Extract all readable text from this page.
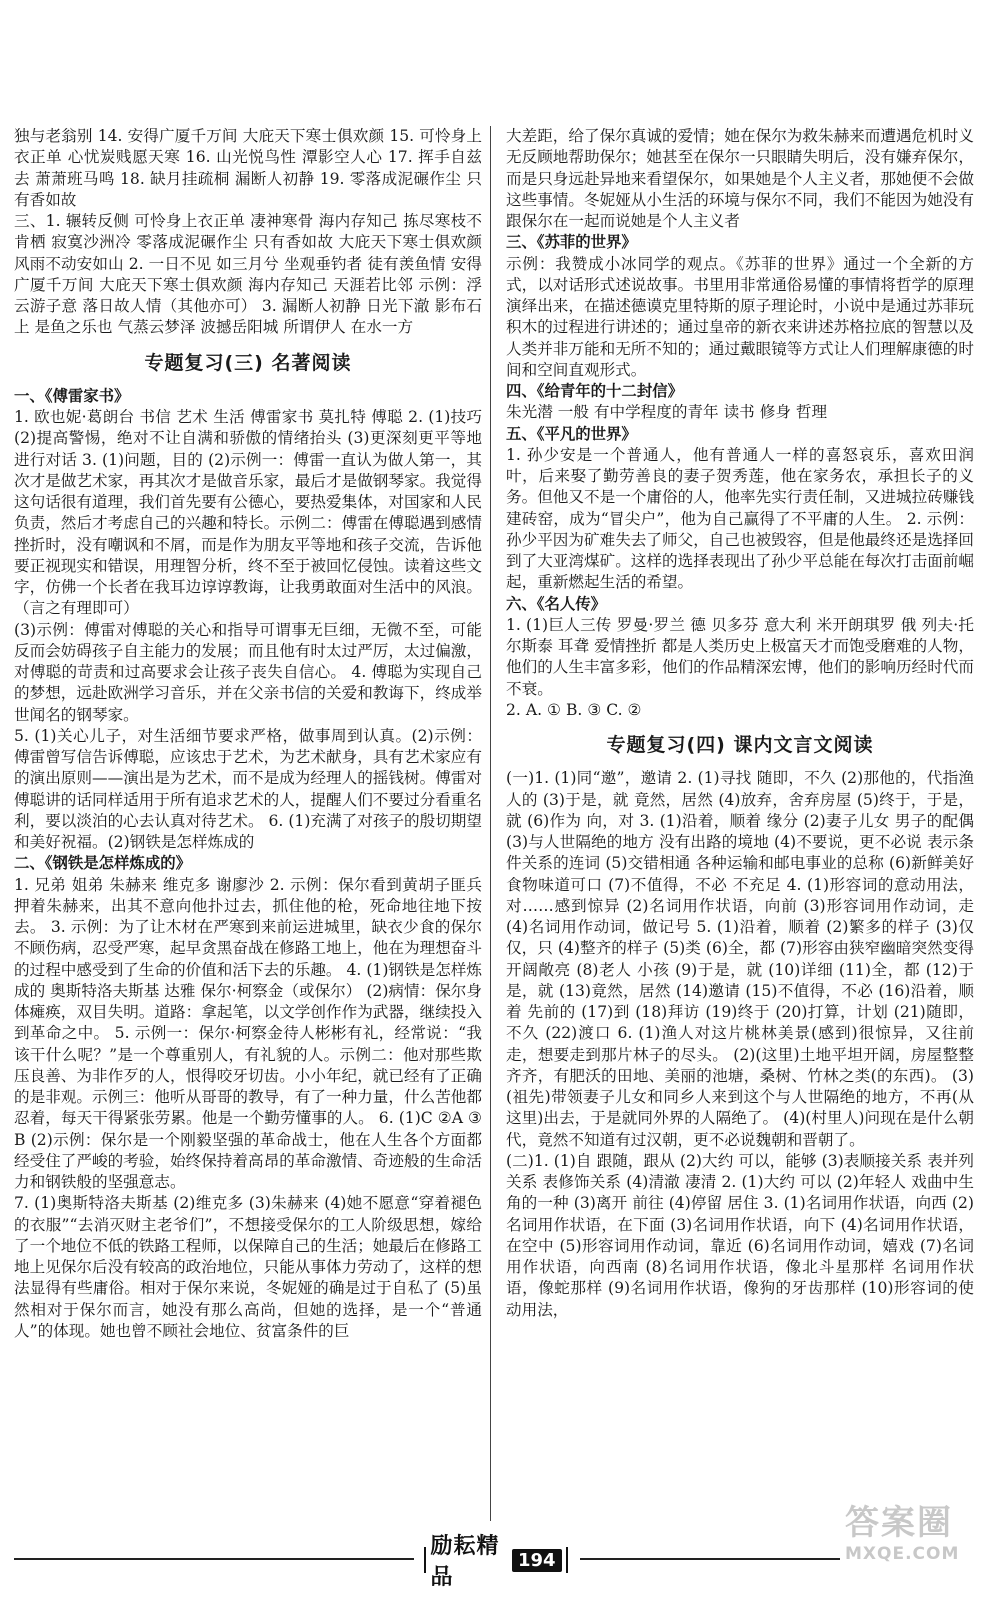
独与老翁别 14. 安得广厦千万间 大庇天下寒士俱欢颜 15. 可怜身上衣正单 心忧炭贱愿天寒 16. 山光悦鸟性 潭影空人心 17. 挥手自兹去 萧萧班马鸣 18. 缺月挂疏桐 漏断人初静 19. 零落成泥碾作尘 只有香如故

三、1. 辗转反侧 可怜身上衣正单 凄神寒骨 海内存知己 拣尽寒枝不肯栖 寂寞沙洲冷 零落成泥碾作尘 只有香如故 大庇天下寒士俱欢颜 风雨不动安如山 2. 一日不见 如三月兮 坐观垂钓者 徒有羡鱼情 安得广厦千万间 大庇天下寒士俱欢颜 海内存知己 天涯若比邻 示例：浮云游子意 落日故人情（其他亦可） 3. 漏断人初静 日光下澈 影布石上 是鱼之乐也 气蒸云梦泽 波撼岳阳城 所谓伊人 在水一方

专题复习(三) 名著阅读

一、《傅雷家书》

1. 欧也妮·葛朗台 书信 艺术 生活 傅雷家书 莫扎特 傅聪 2. (1)技巧 (2)提高警惕，绝对不让自满和骄傲的情绪抬头 (3)更深刻更平等地进行对话 3. (1)问题，目的 (2)示例一：傅雷一直认为做人第一，其次才是做艺术家，再其次才是做音乐家，最后才是做钢琴家。我觉得这句话很有道理，我们首先要有公德心，要热爱集体，对国家和人民负责，然后才考虑自己的兴趣和特长。示例二：傅雷在傅聪遇到感情挫折时，没有嘲讽和不屑，而是作为朋友平等地和孩子交流，告诉他要正视现实和错误，用理智分析，终不至于被回忆侵蚀。读着这些文字，仿佛一个长者在我耳边谆谆教诲，让我勇敢面对生活中的风浪。（言之有理即可）

(3)示例：傅雷对傅聪的关心和指导可谓事无巨细，无微不至，可能反而会妨碍孩子自主能力的发展；而且他有时太过严厉，太过偏激，对傅聪的苛责和过高要求会让孩子丧失自信心。 4. 傅聪为实现自己的梦想，远赴欧洲学习音乐，并在父亲书信的关爱和教诲下，终成举世闻名的钢琴家。

5. (1)关心儿子，对生活细节要求严格，做事周到认真。(2)示例：傅雷曾写信告诉傅聪，应该忠于艺术，为艺术献身，具有艺术家应有的演出原则——演出是为艺术，而不是成为经理人的摇钱树。傅雷对傅聪讲的话同样适用于所有追求艺术的人，提醒人们不要过分看重名利，要以淡泊的心去认真对待艺术。 6. (1)充满了对孩子的殷切期望和美好祝福。(2)钢铁是怎样炼成的

二、《钢铁是怎样炼成的》

1. 兄弟 姐弟 朱赫来 维克多 谢廖沙 2. 示例：保尔看到黄胡子匪兵押着朱赫来，出其不意向他扑过去，抓住他的枪，死命地往地下按去。 3. 示例：为了让木材在严寒到来前运进城里，缺衣少食的保尔不顾伤病，忍受严寒，起早贪黑奋战在修路工地上，他在为理想奋斗的过程中感受到了生命的价值和活下去的乐趣。 4. (1)钢铁是怎样炼成的 奥斯特洛夫斯基 达雅 保尔·柯察金（或保尔） (2)病情：保尔身体瘫痪，双目失明。道路：拿起笔，以文学创作作为武器，继续投入到革命之中。 5. 示例一：保尔·柯察金待人彬彬有礼，经常说：“我该干什么呢？”是一个尊重别人，有礼貌的人。示例二：他对那些欺压良善、为非作歹的人，恨得咬牙切齿。小小年纪，就已经有了正确的是非观。示例三：他听从哥哥的教导，有了一种力量，什么苦他都忍着，每天干得紧张劳累。他是一个勤劳懂事的人。 6. (1)C ②A ③B (2)示例：保尔是一个刚毅坚强的革命战士，他在人生各个方面都经受住了严峻的考验，始终保持着高昂的革命激情、奇迹般的生命活力和钢铁般的坚强意志。

7. (1)奥斯特洛夫斯基 (2)维克多 (3)朱赫来 (4)她不愿意“穿着褪色的衣服”“去消灭财主老爷们”，不想接受保尔的工人阶级思想，嫁给了一个地位不低的铁路工程师，以保障自己的生活；她最后在修路工地上见保尔后没有较高的政治地位，只能从事体力劳动了，这样的想法显得有些庸俗。相对于保尔来说，冬妮娅的确是过于自私了 (5)虽然相对于保尔而言，她没有那么高尚，但她的选择，是一个“普通人”的体现。她也曾不顾社会地位、贫富条件的巨

大差距，给了保尔真诚的爱情；她在保尔为救朱赫来而遭遇危机时义无反顾地帮助保尔；她甚至在保尔一只眼睛失明后，没有嫌弃保尔，而是只身远赴异地来看望保尔，如果她是个人主义者，那她便不会做这些事情。冬妮娅从小生活的环境与保尔不同，我们不能因为她没有跟保尔在一起而说她是个人主义者

三、《苏菲的世界》

示例：我赞成小冰同学的观点。《苏菲的世界》通过一个全新的方式，以对话形式述说故事。书里用非常通俗易懂的事情将哲学的原理演绎出来，在描述德谟克里特斯的原子理论时，小说中是通过苏菲玩积木的过程进行讲述的；通过皇帝的新衣来讲述苏格拉底的智慧以及人类并非万能和无所不知的；通过戴眼镜等方式让人们理解康德的时间和空间直观形式。

四、《给青年的十二封信》

朱光潜 一般 有中学程度的青年 读书 修身 哲理

五、《平凡的世界》

1. 孙少安是一个普通人，他有普通人一样的喜怒哀乐，喜欢田润叶，后来娶了勤劳善良的妻子贺秀莲，他在家务农，承担长子的义务。但他又不是一个庸俗的人，他率先实行责任制，又进城拉砖赚钱建砖窑，成为“冒尖户”，他为自己赢得了不平庸的人生。 2. 示例：孙少平因为矿难失去了师父，自己也被毁容，但是他最终还是选择回到了大亚湾煤矿。这样的选择表现出了孙少平总能在每次打击面前崛起，重新燃起生活的希望。

六、《名人传》

1. (1)巨人三传 罗曼·罗兰 德 贝多芬 意大利 米开朗琪罗 俄 列夫·托尔斯泰 耳聋 爱情挫折 都是人类历史上极富天才而饱受磨难的人物，他们的人生丰富多彩，他们的作品精深宏博，他们的影响历经时代而不衰。

2. A. ① B. ③ C. ②

专题复习(四) 课内文言文阅读

(一)1. (1)同“邀”，邀请 2. (1)寻找 随即，不久 (2)那他的，代指渔人的 (3)于是，就 竟然，居然 (4)放弃，舍弃房屋 (5)终于，于是，就 (6)作为 向，对 3. (1)沿着，顺着 缘分 (2)妻子儿女 男子的配偶 (3)与人世隔绝的地方 没有出路的境地 (4)不要说，更不必说 表示条件关系的连词 (5)交错相通 各种运输和邮电事业的总称 (6)新鲜美好 食物味道可口 (7)不值得，不必 不充足 4. (1)形容词的意动用法，对……感到惊异 (2)名词用作状语，向前 (3)形容词用作动词，走 (4)名词用作动词，做记号 5. (1)沿着，顺着 (2)繁多的样子 (3)仅仅，只 (4)整齐的样子 (5)类 (6)全，都 (7)形容由狭窄幽暗突然变得开阔敞亮 (8)老人 小孩 (9)于是，就 (10)详细 (11)全，都 (12)于是，就 (13)竟然，居然 (14)邀请 (15)不值得，不必 (16)沿着，顺着 先前的 (17)到 (18)拜访 (19)终于 (20)打算，计划 (21)随即，不久 (22)渡口 6. (1)渔人对这片桃林美景(感到)很惊异，又往前走，想要走到那片林子的尽头。 (2)(这里)土地平坦开阔，房屋整整齐齐，有肥沃的田地、美丽的池塘，桑树、竹林之类(的东西)。 (3)(祖先)带领妻子儿女和同乡人来到这个与人世隔绝的地方，不再(从这里)出去，于是就同外界的人隔绝了。 (4)(村里人)问现在是什么朝代，竟然不知道有过汉朝，更不必说魏朝和晋朝了。

(二)1. (1)自 跟随，跟从 (2)大约 可以，能够 (3)表顺接关系 表并列关系 表修饰关系 (4)清澈 凄清 2. (1)大约 可以 (2)年轻人 戏曲中生角的一种 (3)离开 前往 (4)停留 居住 3. (1)名词用作状语，向西 (2)名词用作状语，在下面 (3)名词用作状语，向下 (4)名词用作状语，在空中 (5)形容词用作动词，靠近 (6)名词用作动词，嬉戏 (7)名词用作状语，向西南 (8)名词用作状语，像北斗星那样 名词用作状语，像蛇那样 (9)名词用作状语，像狗的牙齿那样 (10)形容词的使动用法，

励耘精品
194
答案圈
MXQE.COM
